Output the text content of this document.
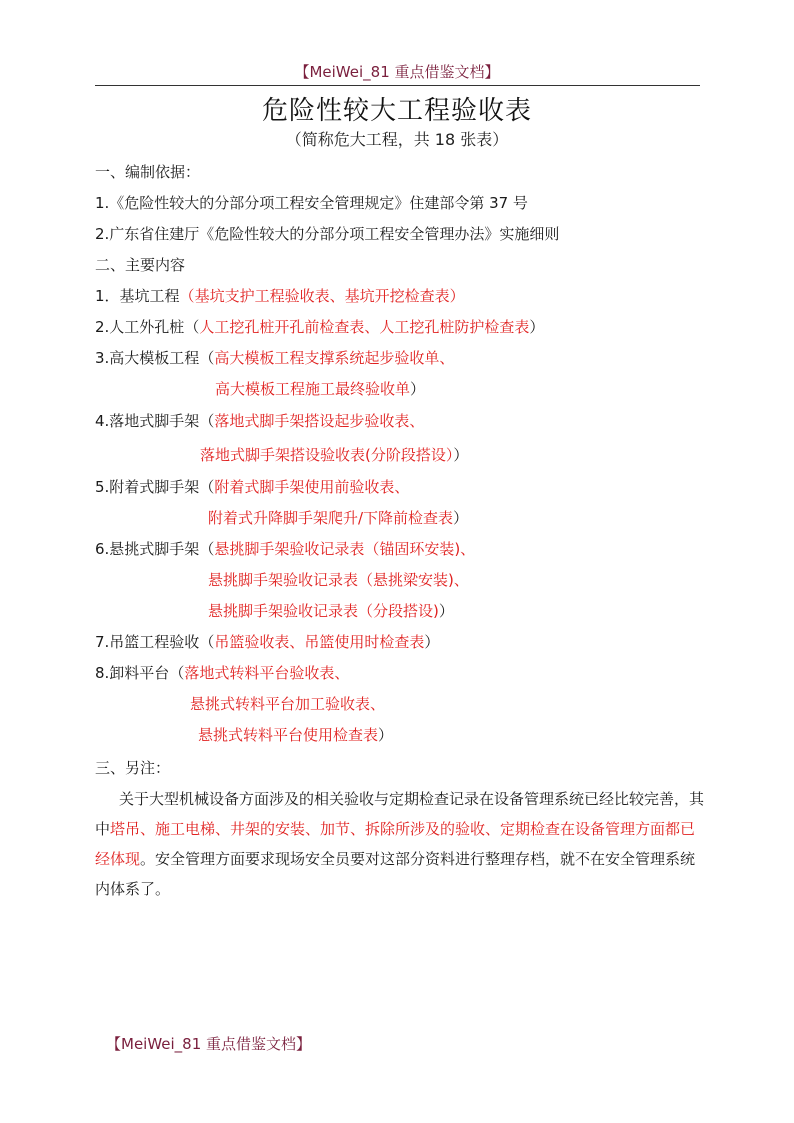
【MeiWei_81 重点借鉴文档】
危险性较大工程验收表
（简称危大工程，共 18 张表）
一、编制依据：
1.《危险性较大的分部分项工程安全管理规定》住建部令第 37 号
2.广东省住建厅《危险性较大的分部分项工程安全管理办法》实施细则
二、主要内容
1．基坑工程（基坑支护工程验收表、基坑开挖检查表）
2.人工外孔桩（人工挖孔桩开孔前检查表、人工挖孔桩防护检查表）
3.高大模板工程（高大模板工程支撑系统起步验收单、
高大模板工程施工最终验收单）
4.落地式脚手架（落地式脚手架搭设起步验收表、
落地式脚手架搭设验收表(分阶段搭设））
5.附着式脚手架（附着式脚手架使用前验收表、
附着式升降脚手架爬升/下降前检查表）
6.悬挑式脚手架（悬挑脚手架验收记录表（锚固环安装)、
悬挑脚手架验收记录表（悬挑梁安装)、
悬挑脚手架验收记录表（分段搭设)）
7.吊篮工程验收（吊篮验收表、吊篮使用时检查表）
8.卸料平台（落地式转料平台验收表、
悬挑式转料平台加工验收表、
悬挑式转料平台使用检查表）
三、另注：
关于大型机械设备方面涉及的相关验收与定期检查记录在设备管理系统已经比较完善，其中塔吊、施工电梯、井架的安装、加节、拆除所涉及的验收、定期检查在设备管理方面都已经体现。安全管理方面要求现场安全员要对这部分资料进行整理存档，就不在安全管理系统内体系了。
【MeiWei_81 重点借鉴文档】
